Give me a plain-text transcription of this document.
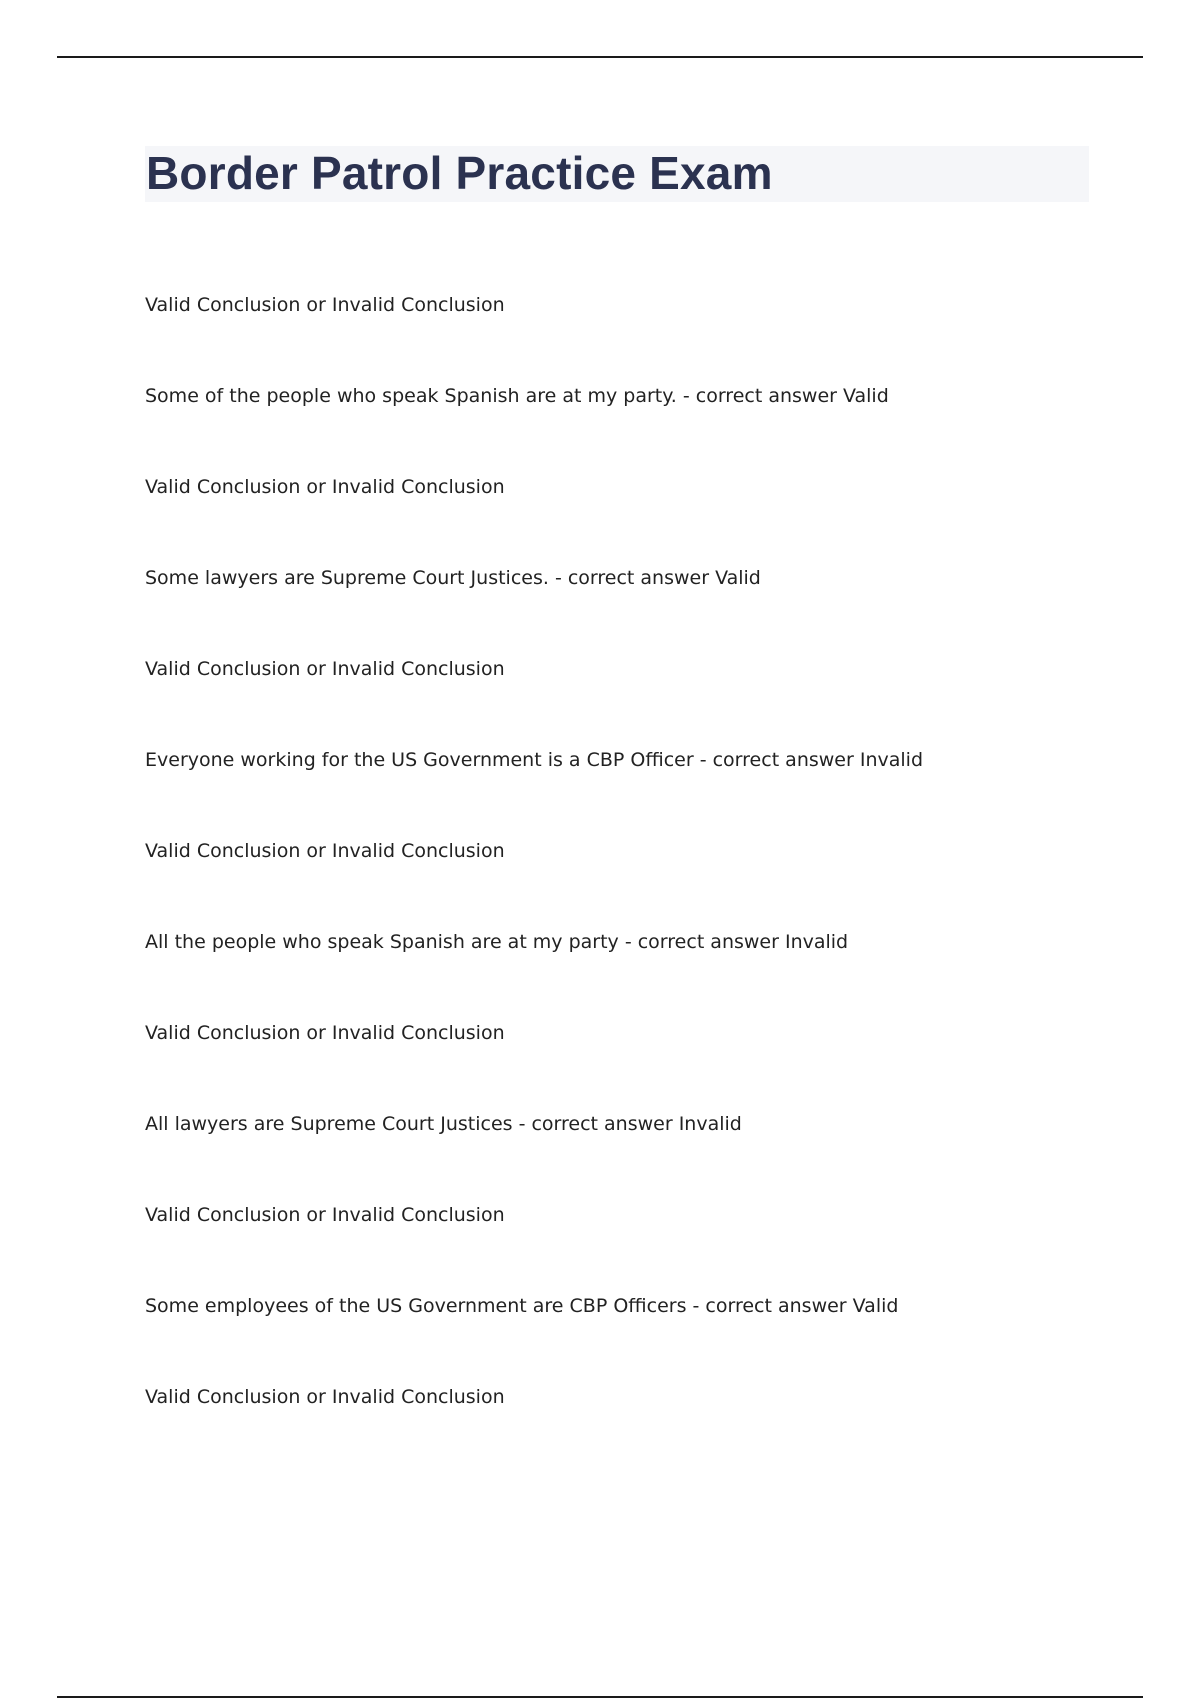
Border Patrol Practice Exam
Valid Conclusion or Invalid Conclusion
Some of the people who speak Spanish are at my party. - correct answer Valid
Valid Conclusion or Invalid Conclusion
Some lawyers are Supreme Court Justices. - correct answer Valid
Valid Conclusion or Invalid Conclusion
Everyone working for the US Government is a CBP Officer - correct answer Invalid
Valid Conclusion or Invalid Conclusion
All the people who speak Spanish are at my party - correct answer Invalid
Valid Conclusion or Invalid Conclusion
All lawyers are Supreme Court Justices - correct answer Invalid
Valid Conclusion or Invalid Conclusion
Some employees of the US Government are CBP Officers - correct answer Valid
Valid Conclusion or Invalid Conclusion
